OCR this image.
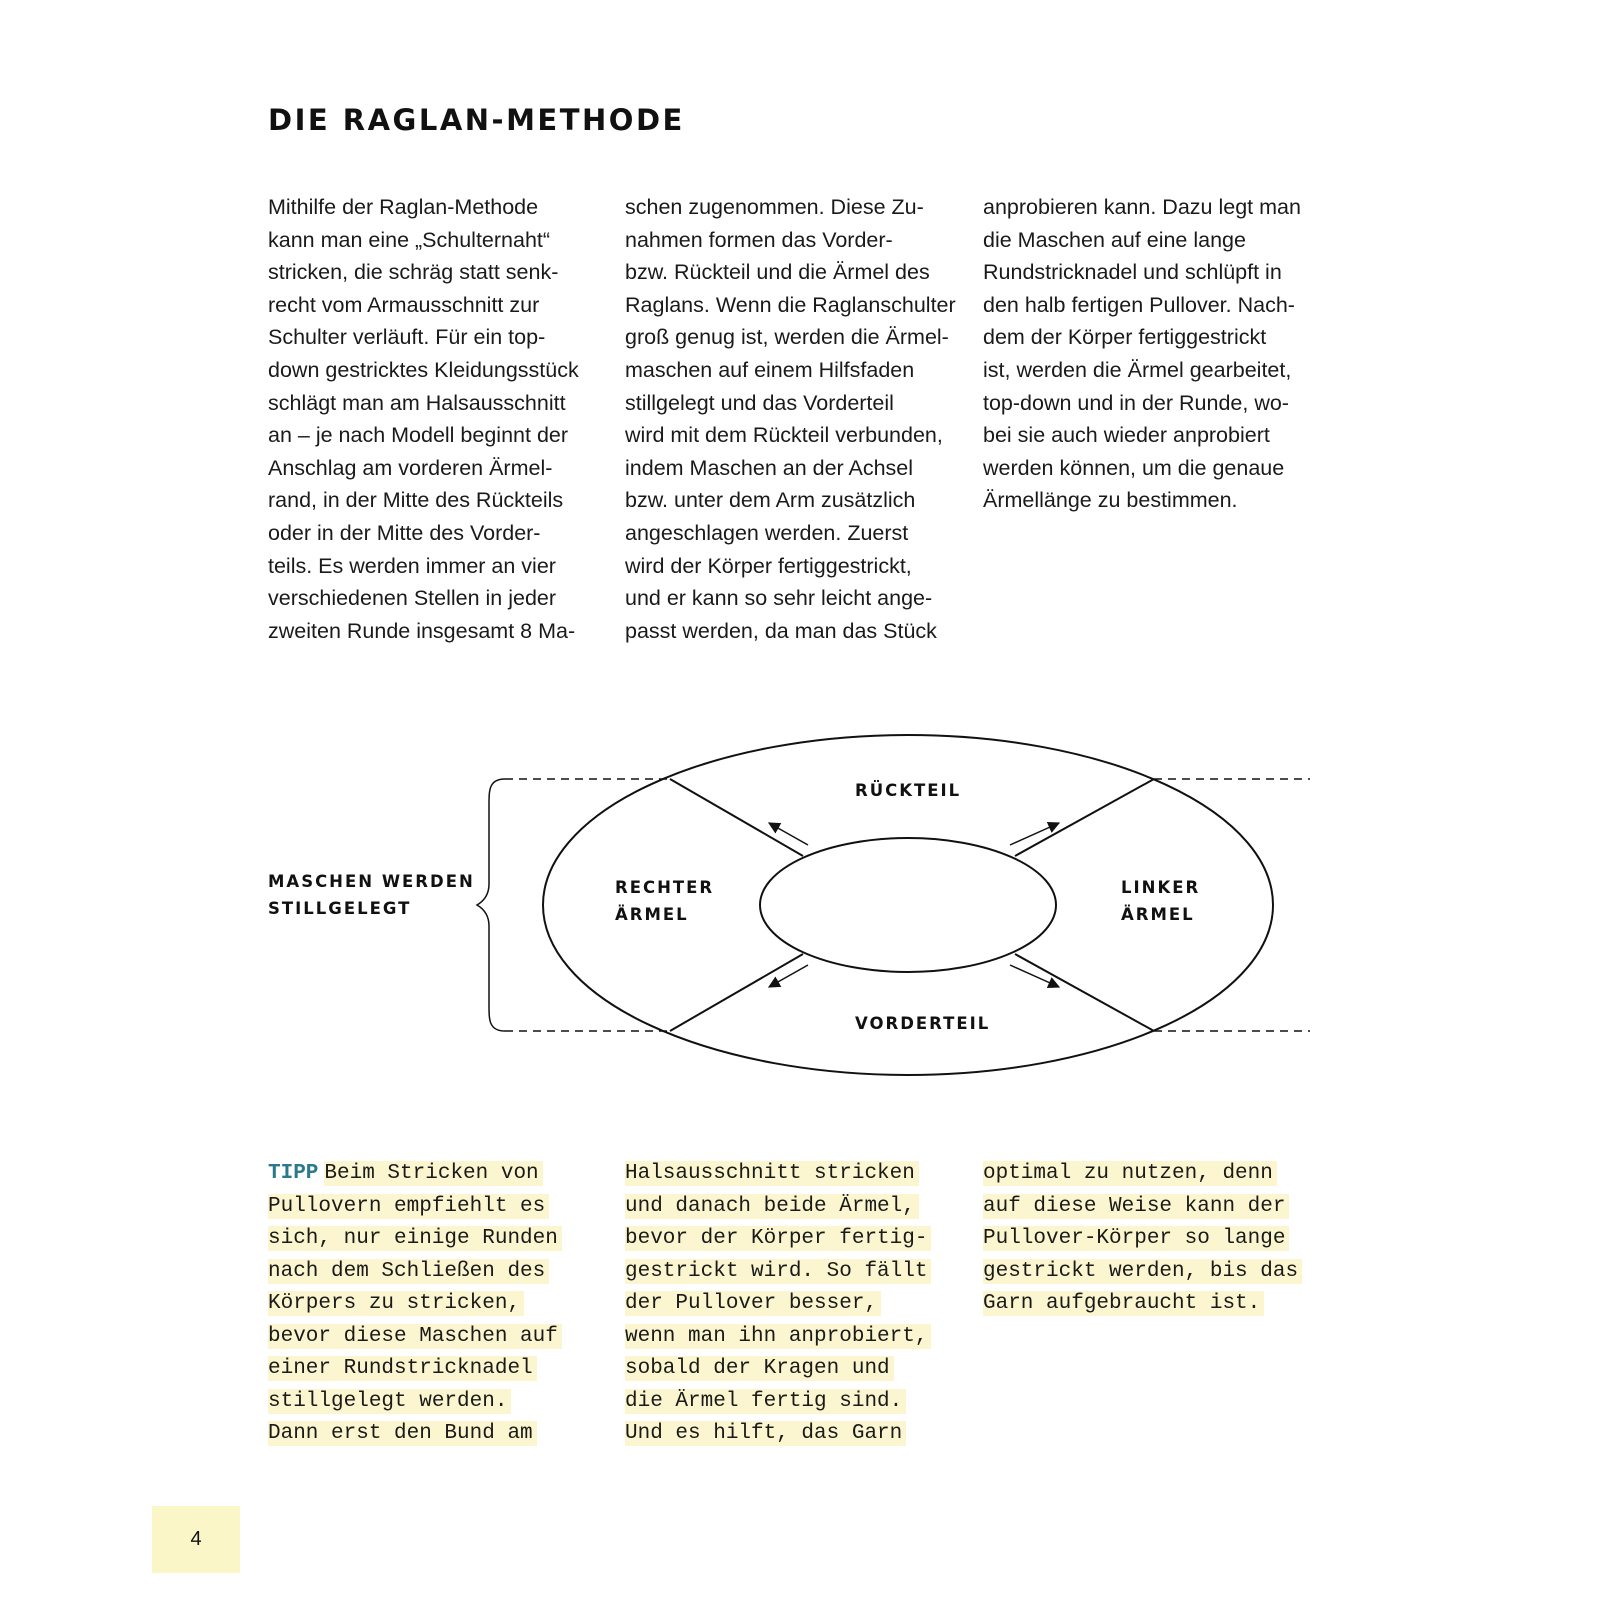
DIE RAGLAN-METHODE
Mithilfe der Raglan-Methode
kann man eine „Schulternaht“
stricken, die schräg statt senk-
recht vom Armausschnitt zur
Schulter verläuft. Für ein top-
down gestricktes Kleidungsstück
schlägt man am Halsausschnitt
an – je nach Modell beginnt der
Anschlag am vorderen Ärmel-
rand, in der Mitte des Rückteils
oder in der Mitte des Vorder-
teils. Es werden immer an vier
verschiedenen Stellen in jeder
zweiten Runde insgesamt 8 Ma-
schen zugenommen. Diese Zu-
nahmen formen das Vorder-
bzw. Rückteil und die Ärmel des
Raglans. Wenn die Raglanschulter
groß genug ist, werden die Ärmel-
maschen auf einem Hilfsfaden
stillgelegt und das Vorderteil
wird mit dem Rückteil verbunden,
indem Maschen an der Achsel
bzw. unter dem Arm zusätzlich
angeschlagen werden. Zuerst
wird der Körper fertiggestrickt,
und er kann so sehr leicht ange-
passt werden, da man das Stück
anprobieren kann. Dazu legt man
die Maschen auf eine lange
Rundstricknadel und schlüpft in
den halb fertigen Pullover. Nach-
dem der Körper fertiggestrickt
ist, werden die Ärmel gearbeitet,
top-down und in der Runde, wo-
bei sie auch wieder anprobiert
werden können, um die genaue
Ärmellänge zu bestimmen.
MASCHEN WERDEN
STILLGELEGT
RÜCKTEIL
VORDERTEIL
RECHTER
ÄRMEL
LINKER
ÄRMEL
TIPP Beim Stricken von
Pullovern empfiehlt es
sich, nur einige Runden
nach dem Schließen des
Körpers zu stricken,
bevor diese Maschen auf
einer Rundstricknadel
stillgelegt werden.
Dann erst den Bund am
Halsausschnitt stricken
und danach beide Ärmel,
bevor der Körper fertig-
gestrickt wird. So fällt
der Pullover besser,
wenn man ihn anprobiert,
sobald der Kragen und
die Ärmel fertig sind.
Und es hilft, das Garn
optimal zu nutzen, denn
auf diese Weise kann der
Pullover-Körper so lange
gestrickt werden, bis das
Garn aufgebraucht ist.
4
